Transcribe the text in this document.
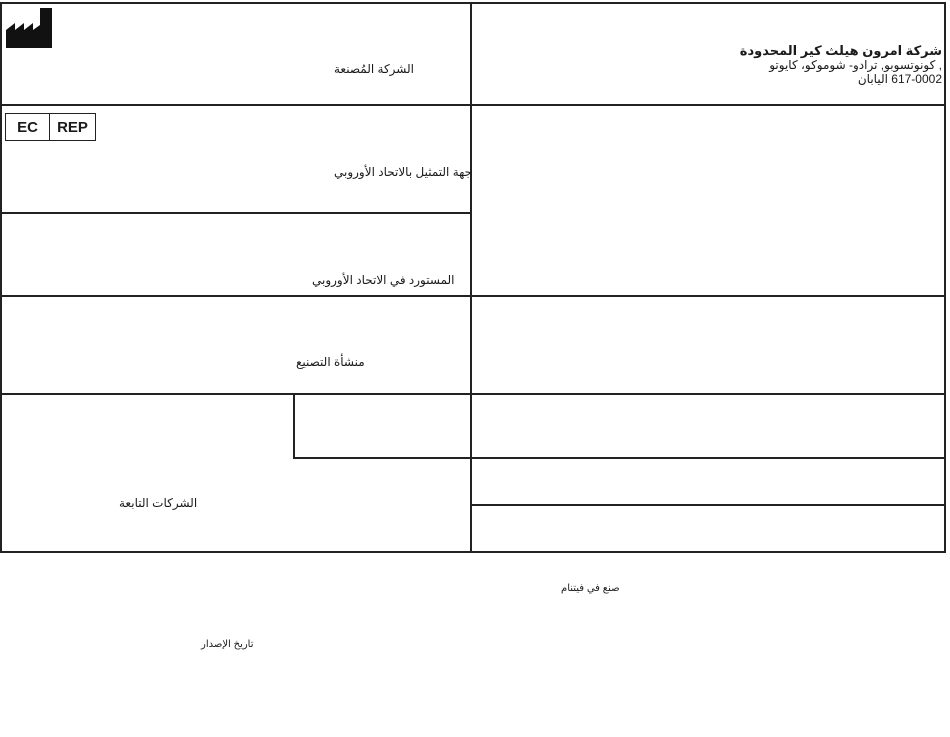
الشركة المُصنعة
شركة امرون هيلث كير المحدودة
, كونوتسوبو, ترادو- شوموكو، كايوتو
617-0002 اليابان
EC	REP
جهة التمثيل بالاتحاد الأوروبي
المستورد في الاتحاد الأوروبي
منشأة التصنيع
الشركات التابعة
صنع في فيتنام
تاريخ الإصدار
